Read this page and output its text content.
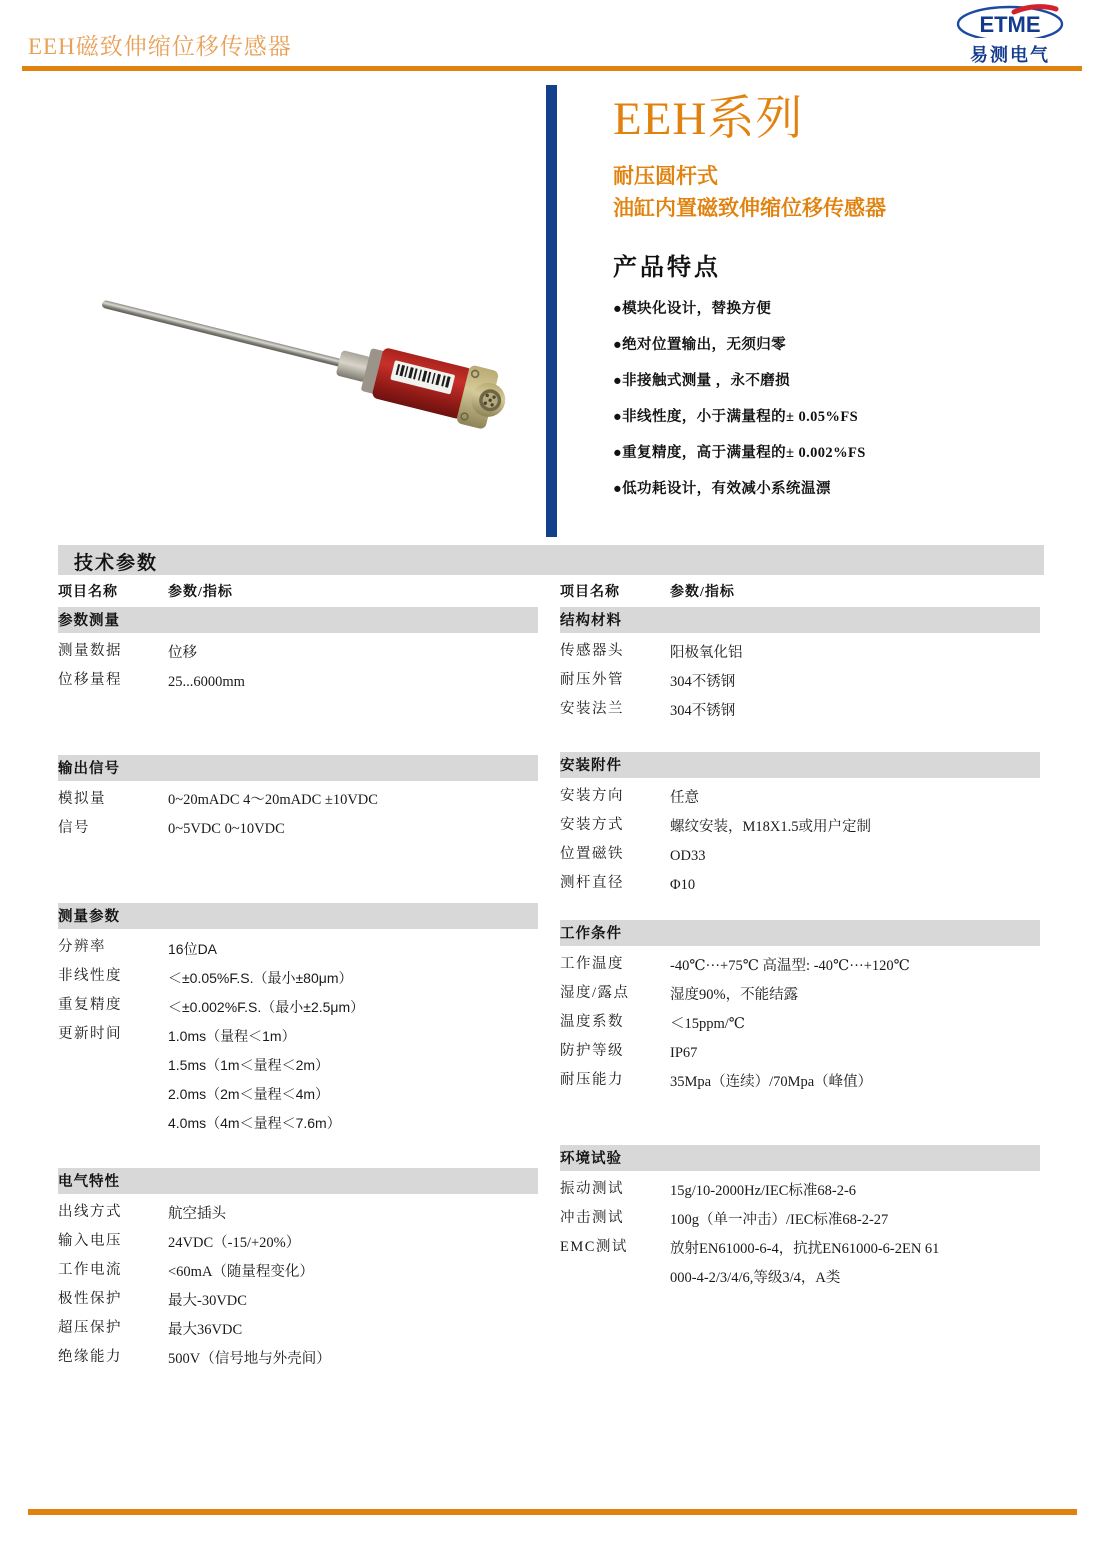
EEH磁致伸缩位移传感器
ETME
易测电气
EEH系列
耐压圆杆式
油缸内置磁致伸缩位移传感器
产品特点
●模块化设计，替换方便
●绝对位置输出，无须归零
●非接触式测量 ，永不磨损
●非线性度，小于满量程的± 0.05%FS
●重复精度，高于满量程的± 0.002%FS
●低功耗设计，有效减小系统温漂
技术参数
项目名称	参数/指标
参数测量
测量数据	位移
位移量程	25...6000mm
输出信号
模拟量	0~20mADC 4～20mADC ±10VDC
信号	0~5VDC 0~10VDC
测量参数
分辨率	16位DA
非线性度	＜±0.05%F.S.（最小±80μm）
重复精度	＜±0.002%F.S.（最小±2.5μm）
更新时间	1.0ms（量程＜1m）
1.5ms（1m＜量程＜2m）
2.0ms（2m＜量程＜4m）
4.0ms（4m＜量程＜7.6m）
电气特性
出线方式	航空插头
输入电压	24VDC（-15/+20%）
工作电流	<60mA（随量程变化）
极性保护	最大-30VDC
超压保护	最大36VDC
绝缘能力	500V（信号地与外壳间）
项目名称	参数/指标
结构材料
传感器头	阳极氧化铝
耐压外管	304不锈钢
安装法兰	304不锈钢
安装附件
安装方向	任意
安装方式	螺纹安装，M18X1.5或用户定制
位置磁铁	OD33
测杆直径	Φ10
工作条件
工作温度	-40℃···+75℃ 高温型: -40℃···+120℃
湿度/露点	湿度90%，不能结露
温度系数	＜15ppm/℃
防护等级	IP67
耐压能力	35Mpa（连续）/70Mpa（峰值）
环境试验
振动测试	15g/10-2000Hz/IEC标准68-2-6
冲击测试	100g（单一冲击）/IEC标准68-2-27
EMC测试	放射EN61000-6-4，抗扰EN61000-6-2EN 61
000-4-2/3/4/6,等级3/4，A类
